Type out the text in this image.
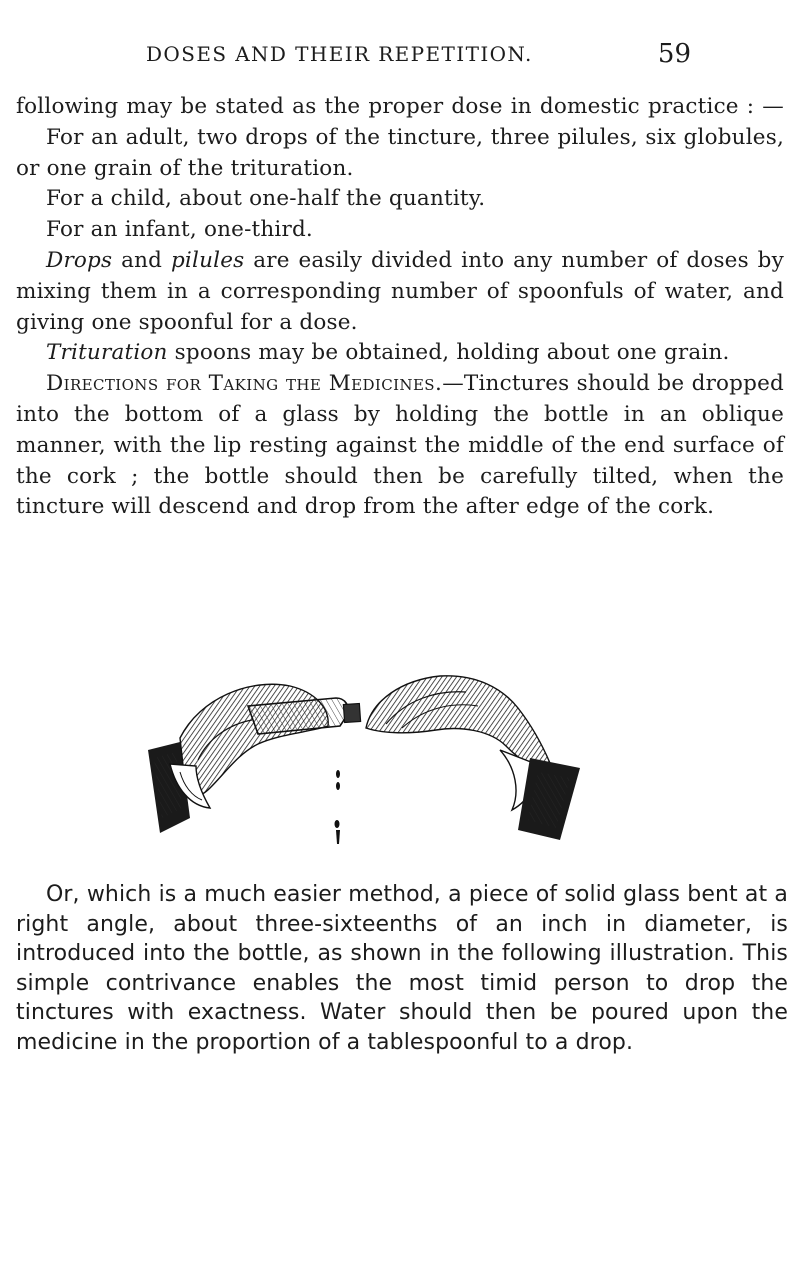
DOSES AND THEIR REPETITION.	59

following may be stated as the proper dose in domestic practice : —

For an adult, two drops of the tincture, three pilules, six globules, or one grain of the trituration.

For a child, about one-half the quantity.

For an infant, one-third.

Drops and pilules are easily divided into any number of doses by mixing them in a corresponding number of spoonfuls of water, and giving one spoonful for a dose.

Trituration spoons may be obtained, holding about one grain.

Directions for Taking the Medicines.—Tinctures should be dropped into the bottom of a glass by holding the bottle in an oblique manner, with the lip resting against the middle of the end surface of the cork ; the bottle should then be carefully tilted, when the tincture will descend and drop from the after edge of the cork.

Or, which is a much easier method, a piece of solid glass bent at a right angle, about three-sixteenths of an inch in diameter, is introduced into the bottle, as shown in the following illustration. This simple contrivance enables the most timid person to drop the tinctures with exactness. Water should then be poured upon the medicine in the proportion of a tablespoonful to a drop.
